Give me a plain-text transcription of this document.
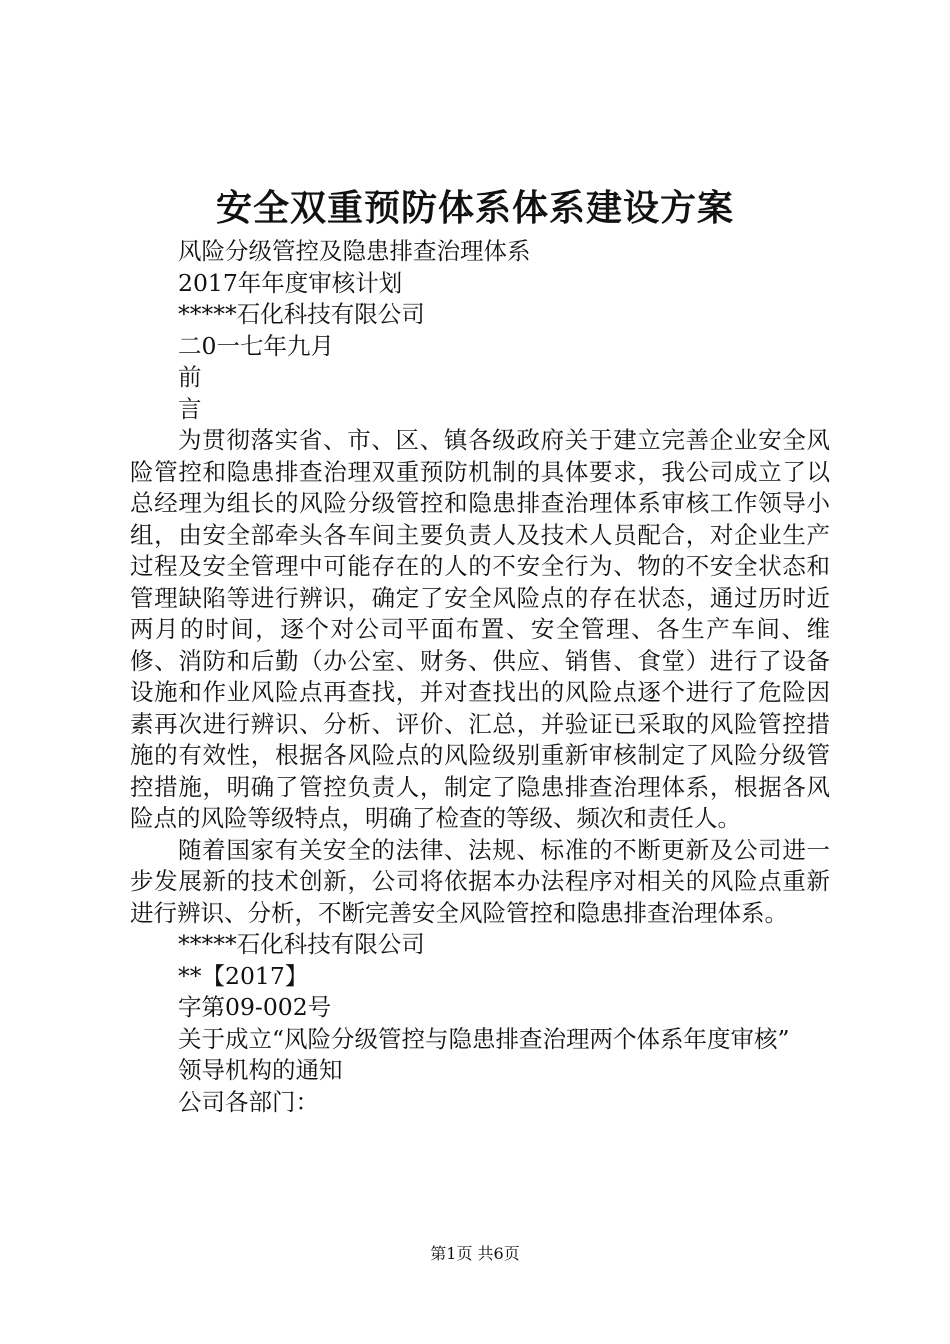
安全双重预防体系体系建设方案
风险分级管控及隐患排查治理体系
2017年年度审核计划
*****石化科技有限公司
二0一七年九月
前
言
为贯彻落实省、市、区、镇各级政府关于建立完善企业安全风险管控和隐患排查治理双重预防机制的具体要求，我公司成立了以总经理为组长的风险分级管控和隐患排查治理体系审核工作领导小组，由安全部牵头各车间主要负责人及技术人员配合，对企业生产过程及安全管理中可能存在的人的不安全行为、物的不安全状态和管理缺陷等进行辨识，确定了安全风险点的存在状态，通过历时近两月的时间，逐个对公司平面布置、安全管理、各生产车间、维修、消防和后勤（办公室、财务、供应、销售、食堂）进行了设备设施和作业风险点再查找，并对查找出的风险点逐个进行了危险因素再次进行辨识、分析、评价、汇总，并验证已采取的风险管控措施的有效性，根据各风险点的风险级别重新审核制定了风险分级管控措施，明确了管控负责人，制定了隐患排查治理体系，根据各风险点的风险等级特点，明确了检查的等级、频次和责任人。
随着国家有关安全的法律、法规、标准的不断更新及公司进一步发展新的技术创新，公司将依据本办法程序对相关的风险点重新进行辨识、分析，不断完善安全风险管控和隐患排查治理体系。
*****石化科技有限公司
**【2017】
字第09-002号
关于成立“风险分级管控与隐患排查治理两个体系年度审核”
领导机构的通知
公司各部门：
第1页 共6页
